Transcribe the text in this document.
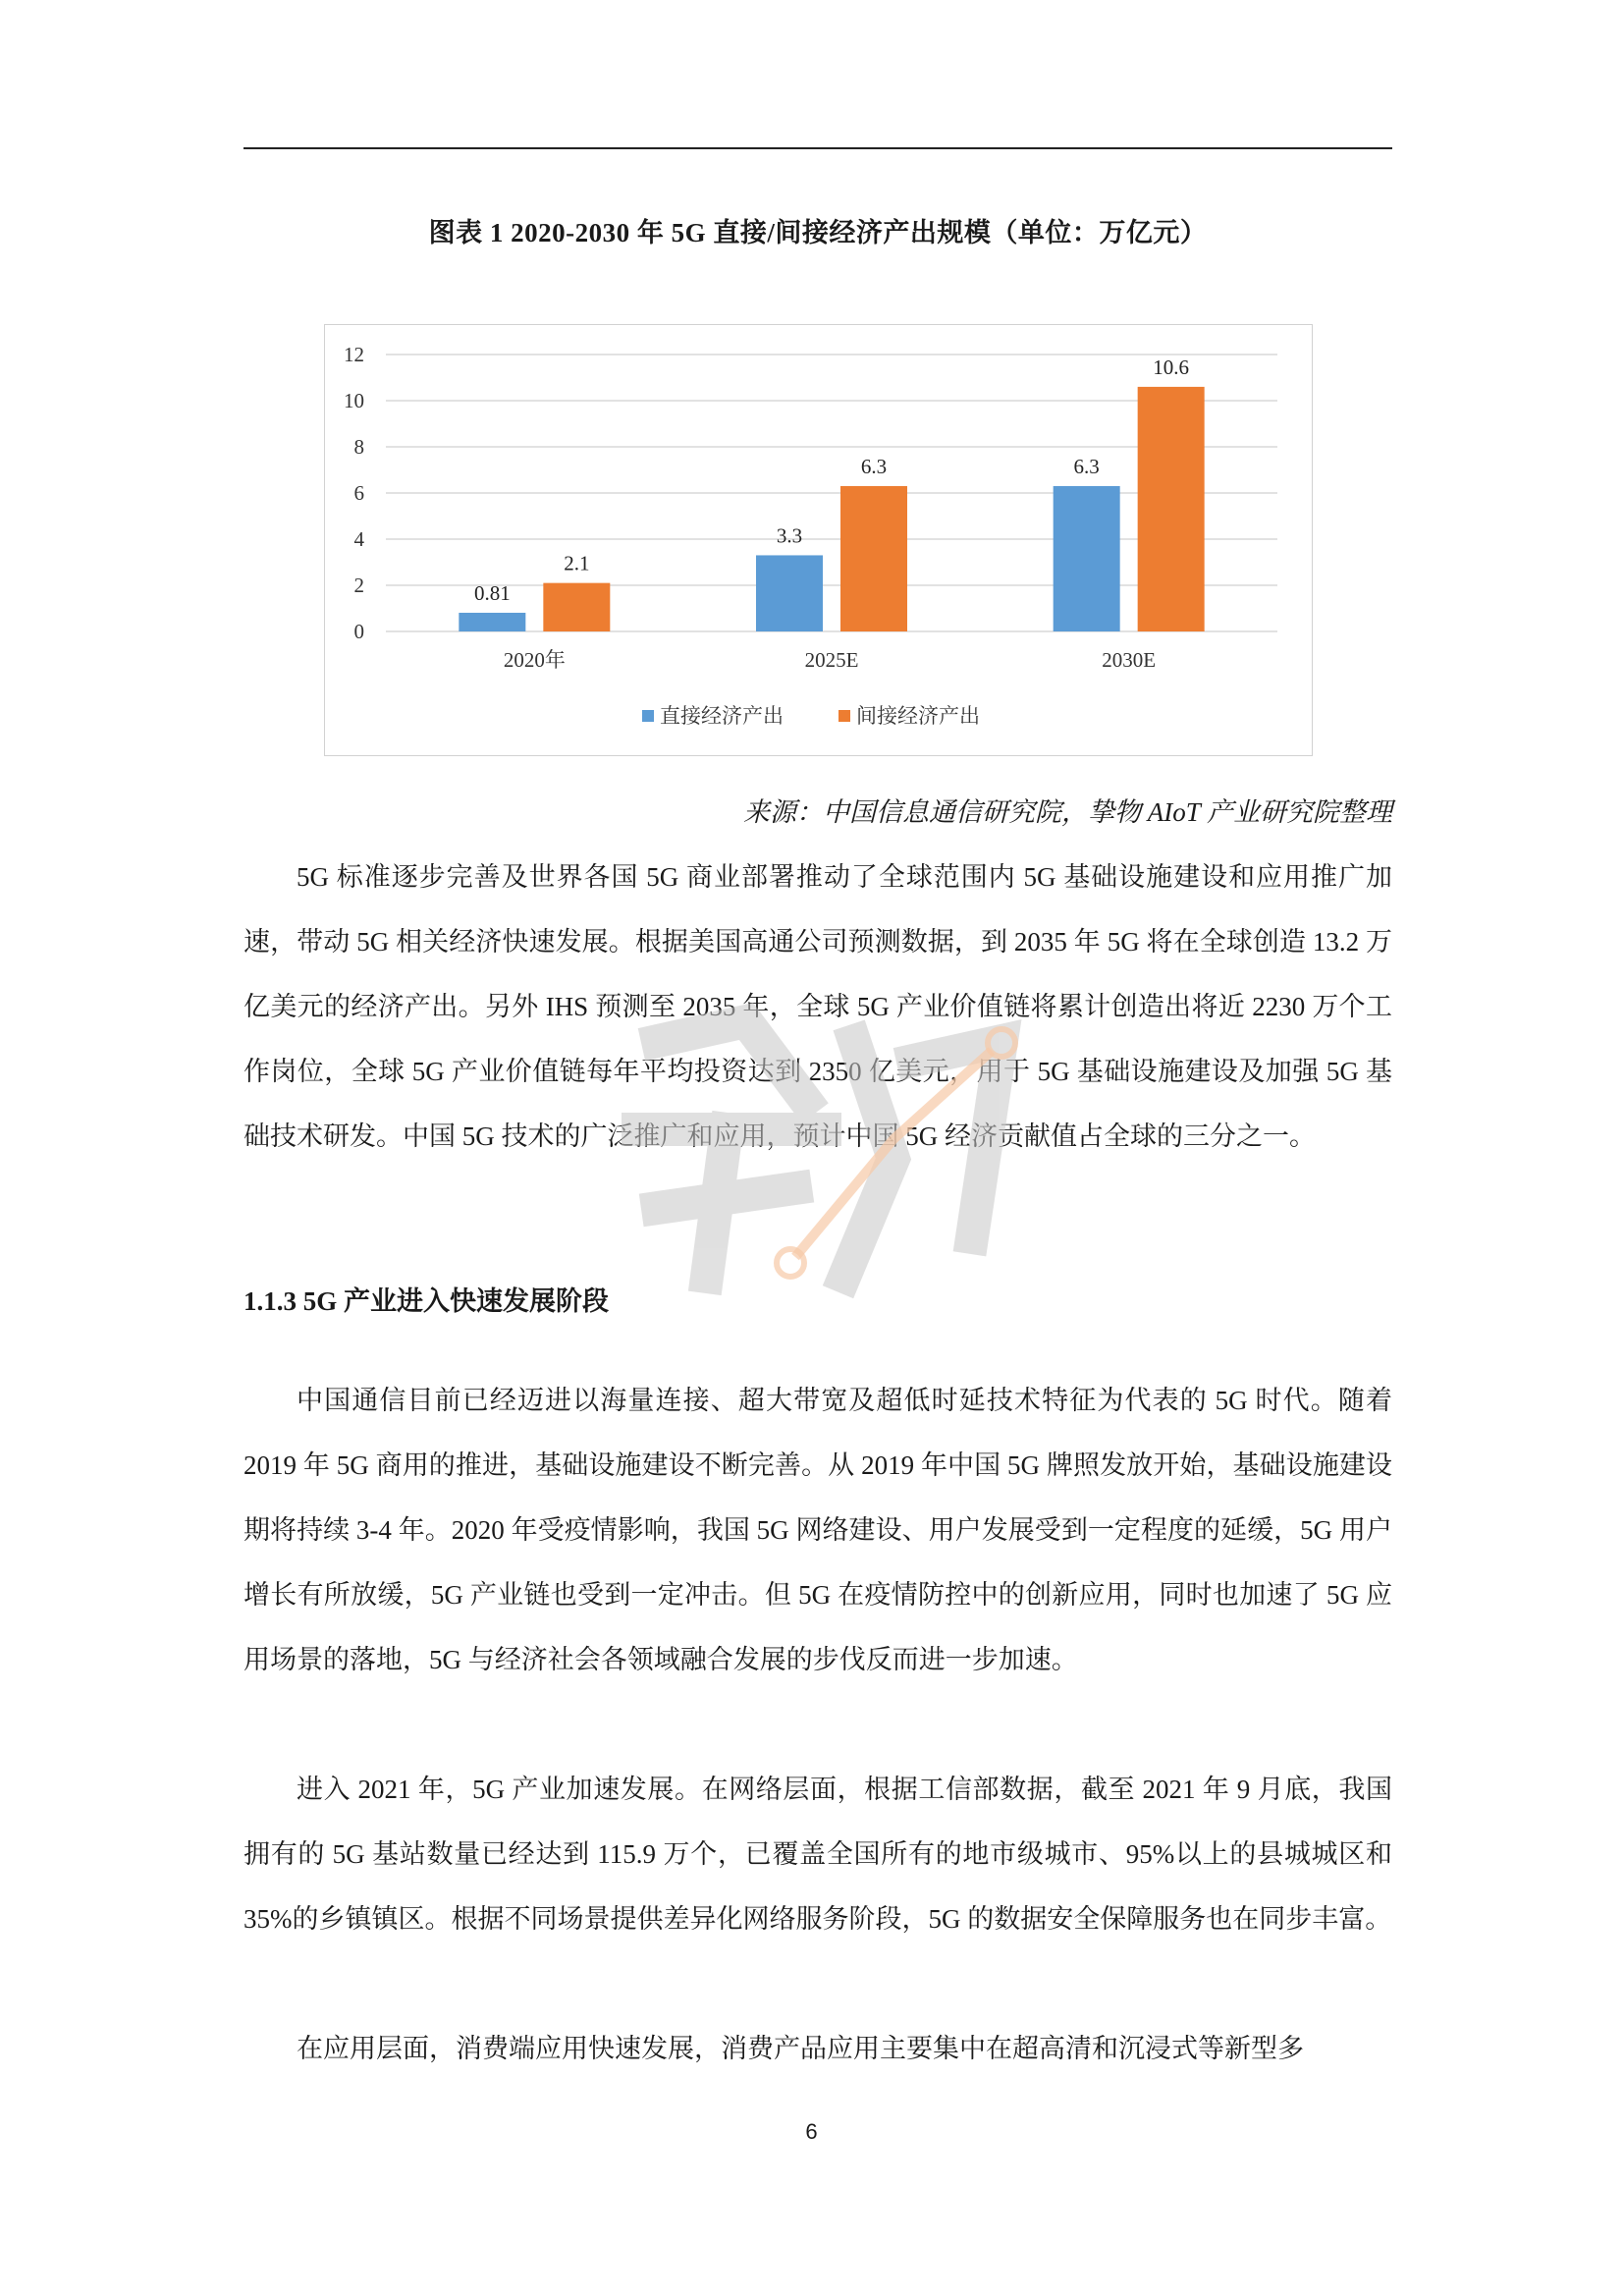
图表 1 2020-2030 年 5G 直接/间接经济产出规模（单位：万亿元）
0
2
4
6
8
10
12
0.81
2.1
2020年
3.3
6.3
2025E
6.3
10.6
2030E
直接经济产出	间接经济产出
来源：中国信息通信研究院，挚物 AIoT 产业研究院整理

5G 标准逐步完善及世界各国 5G 商业部署推动了全球范围内 5G 基础设施建设和应用推广加速，带动 5G 相关经济快速发展。根据美国高通公司预测数据，到 2035 年 5G 将在全球创造 13.2 万亿美元的经济产出。另外 IHS 预测至 2035 年，全球 5G 产业价值链将累计创造出将近 2230 万个工作岗位，全球 5G 产业价值链每年平均投资达到 2350 亿美元，用于 5G 基础设施建设及加强 5G 基础技术研发。中国 5G 技术的广泛推广和应用，预计中国 5G 经济贡献值占全球的三分之一。

1.1.3 5G 产业进入快速发展阶段

中国通信目前已经迈进以海量连接、超大带宽及超低时延技术特征为代表的 5G 时代。随着 2019 年 5G 商用的推进，基础设施建设不断完善。从 2019 年中国 5G 牌照发放开始，基础设施建设期将持续 3-4 年。2020 年受疫情影响，我国 5G 网络建设、用户发展受到一定程度的延缓，5G 用户增长有所放缓，5G 产业链也受到一定冲击。但 5G 在疫情防控中的创新应用，同时也加速了 5G 应用场景的落地，5G 与经济社会各领域融合发展的步伐反而进一步加速。

进入 2021 年，5G 产业加速发展。在网络层面，根据工信部数据，截至 2021 年 9 月底，我国拥有的 5G 基站数量已经达到 115.9 万个，已覆盖全国所有的地市级城市、95%以上的县城城区和 35%的乡镇镇区。根据不同场景提供差异化网络服务阶段，5G 的数据安全保障服务也在同步丰富。

在应用层面，消费端应用快速发展，消费产品应用主要集中在超高清和沉浸式等新型多

6
